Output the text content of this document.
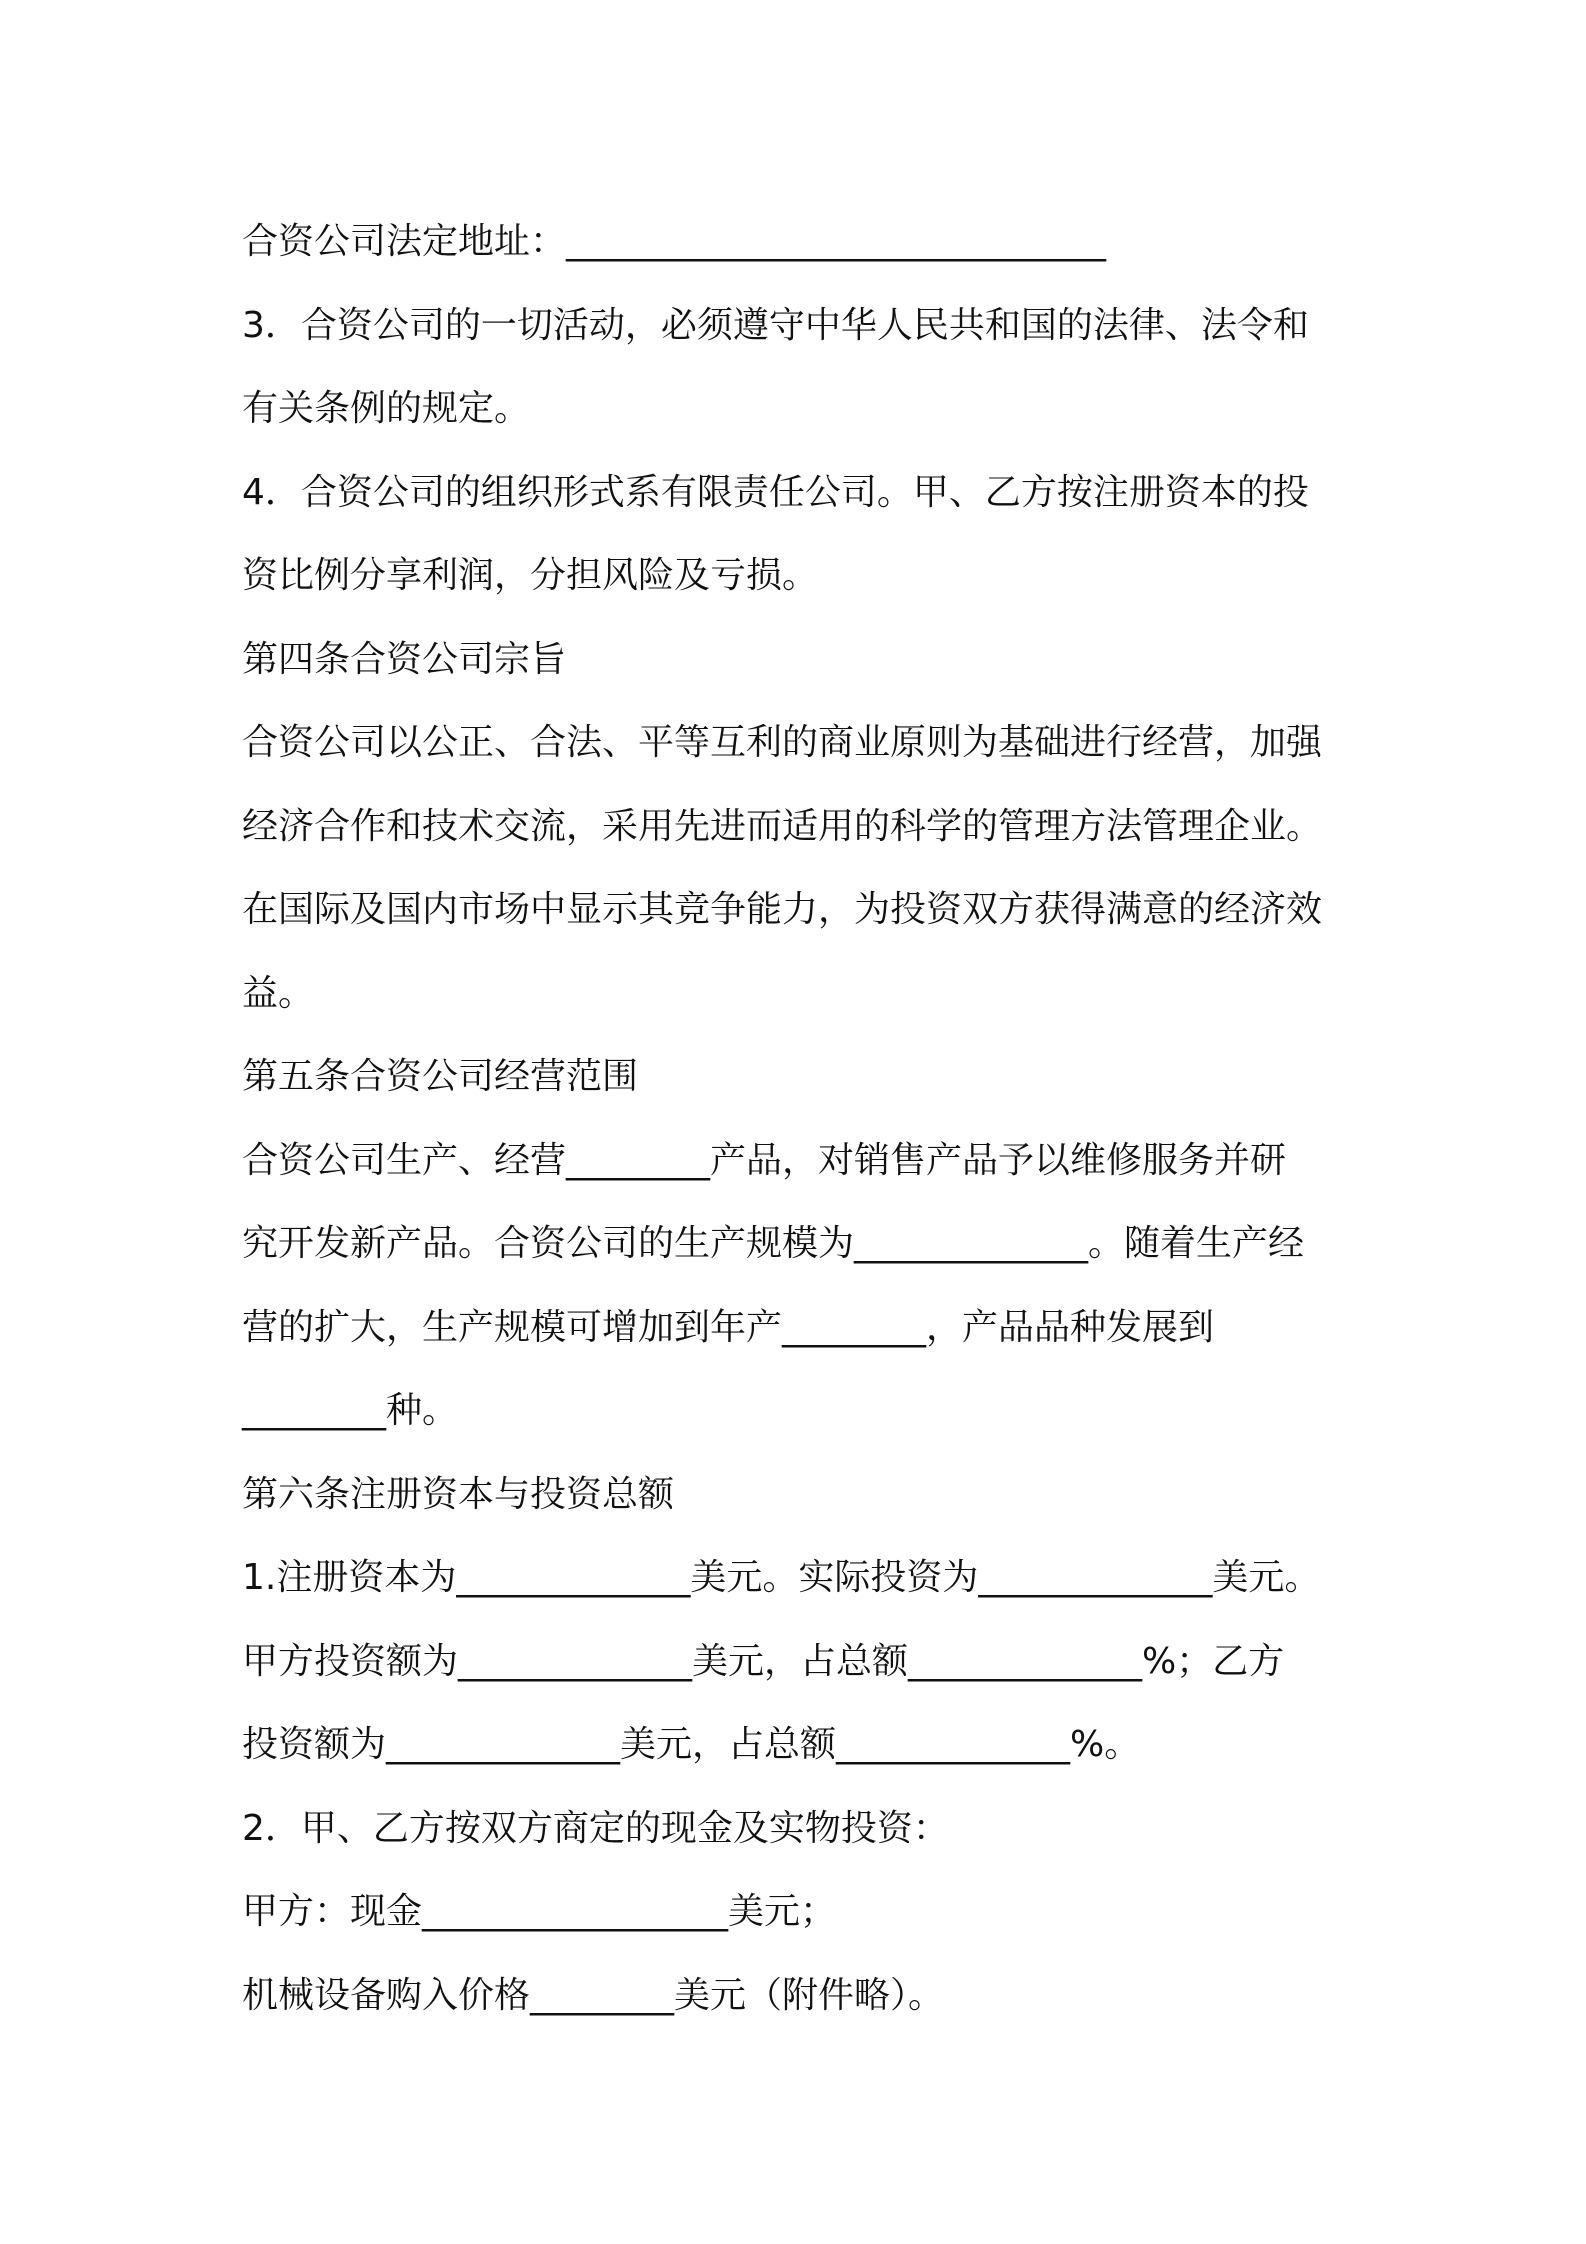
合资公司法定地址：______________________________
3．合资公司的一切活动，必须遵守中华人民共和国的法律、法令和
有关条例的规定。
4．合资公司的组织形式系有限责任公司。甲、乙方按注册资本的投
资比例分享利润，分担风险及亏损。
第四条合资公司宗旨
合资公司以公正、合法、平等互利的商业原则为基础进行经营，加强
经济合作和技术交流，采用先进而适用的科学的管理方法管理企业。
在国际及国内市场中显示其竞争能力，为投资双方获得满意的经济效
益。
第五条合资公司经营范围
合资公司生产、经营________产品，对销售产品予以维修服务并研
究开发新产品。合资公司的生产规模为_____________。随着生产经
营的扩大，生产规模可增加到年产________，产品品种发展到
________种。
第六条注册资本与投资总额
1.注册资本为_____________美元。实际投资为_____________美元。
甲方投资额为_____________美元，占总额_____________%；乙方
投资额为_____________美元，占总额_____________%。
2．甲、乙方按双方商定的现金及实物投资：
甲方：现金_________________美元；
机械设备购入价格________美元（附件略）。
